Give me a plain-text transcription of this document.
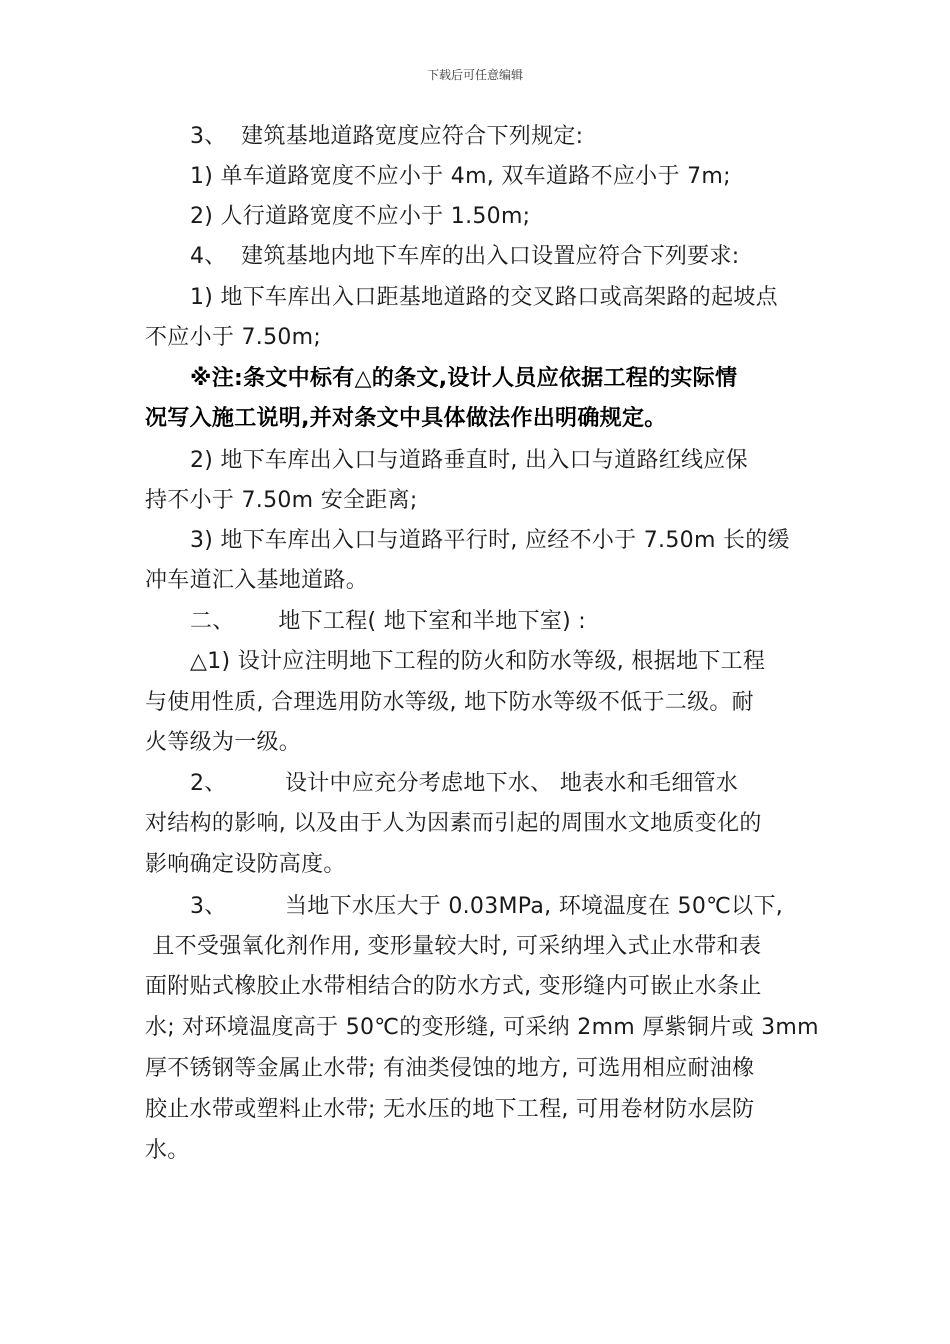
下载后可任意编辑
3、  建筑基地道路宽度应符合下列规定:
1) 单车道路宽度不应小于 4m, 双车道路不应小于 7m;
2) 人行道路宽度不应小于 1.50m;
4、  建筑基地内地下车库的出入口设置应符合下列要求:
1) 地下车库出入口距基地道路的交叉路口或高架路的起坡点
不应小于 7.50m;
※注:条文中标有△的条文,设计人员应依据工程的实际情
况写入施工说明,并对条文中具体做法作出明确规定。
2) 地下车库出入口与道路垂直时, 出入口与道路红线应保
持不小于 7.50m 安全距离;
3) 地下车库出入口与道路平行时, 应经不小于 7.50m 长的缓
冲车道汇入基地道路。
二、      地下工程( 地下室和半地下室) :
△1) 设计应注明地下工程的防火和防水等级, 根据地下工程
与使用性质, 合理选用防水等级, 地下防水等级不低于二级。耐
火等级为一级。
2、        设计中应充分考虑地下水、 地表水和毛细管水
对结构的影响, 以及由于人为因素而引起的周围水文地质变化的
影响确定设防高度。
3、        当地下水压大于 0.03MPa, 环境温度在 50℃以下,
且不受强氧化剂作用, 变形量较大时, 可采纳埋入式止水带和表
面附贴式橡胶止水带相结合的防水方式, 变形缝内可嵌止水条止
水; 对环境温度高于 50℃的变形缝, 可采纳 2mm 厚紫铜片或 3mm
厚不锈钢等金属止水带; 有油类侵蚀的地方, 可选用相应耐油橡
胶止水带或塑料止水带; 无水压的地下工程, 可用卷材防水层防
水。
